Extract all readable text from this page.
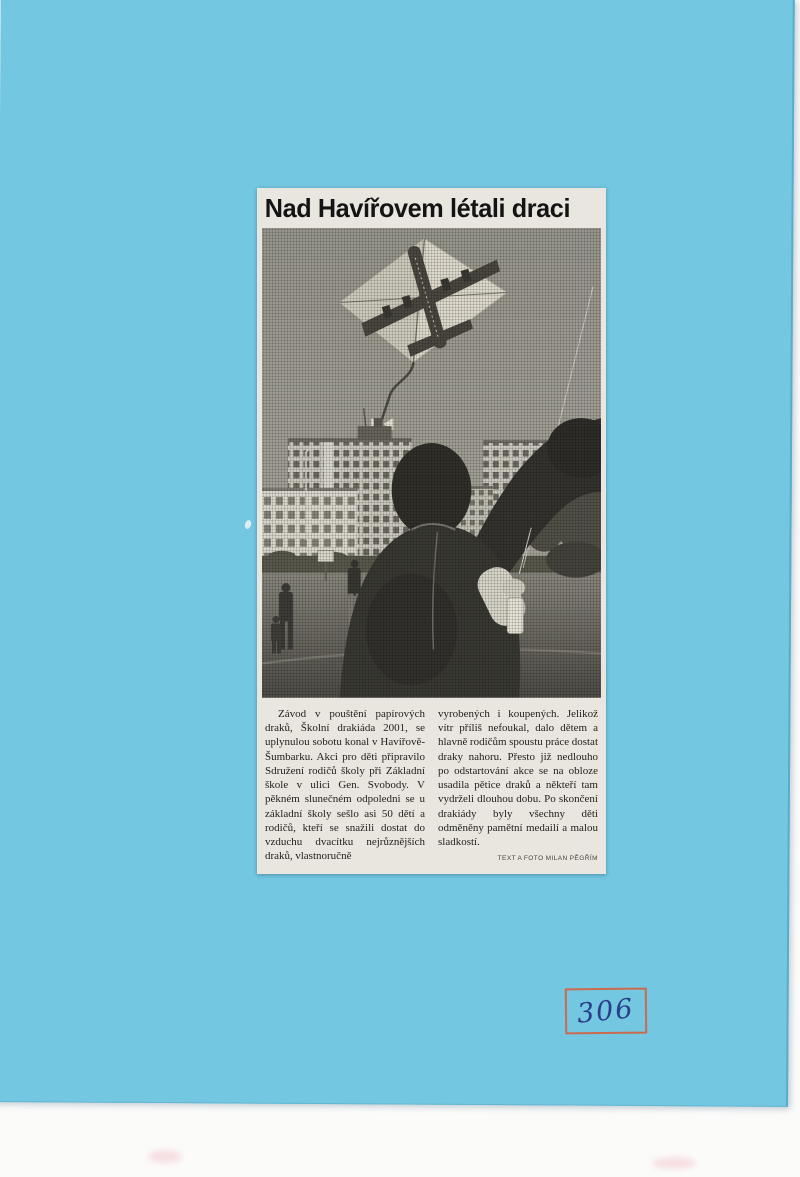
Nad Havířovem létali draci

Závod v pouštění papírových draků, Školní drakiáda 2001, se uplynulou sobotu konal v Havířově-Šumbarku. Akci pro děti připravilo Sdružení rodičů školy při Základní škole v ulici Gen. Svobody. V pěkném slunečném odpoledni se u základní školy sešlo asi 50 dětí a rodičů, kteří se snažili dostat do vzduchu dvacítku nejrůznějších draků, vlastnoručně

vyrobených i koupených. Jelikož vítr příliš nefoukal, dalo dětem a hlavně rodičům spoustu práce dostat draky nahoru. Přesto již nedlouho po odstartování akce se na obloze usadila pětice draků a někteří tam vydrželi dlouhou dobu. Po skončení drakiády byly všechny děti odměněny pamětní medailí a malou sladkostí.

TEXT A FOTO MILAN PĚGŘÍM
306
